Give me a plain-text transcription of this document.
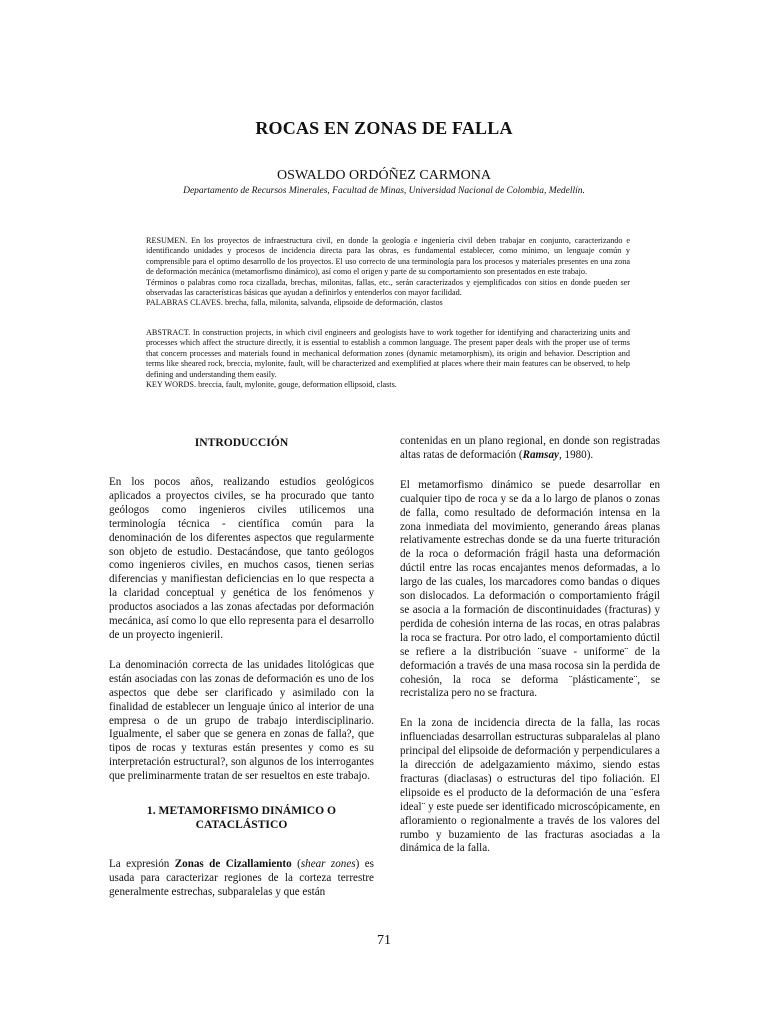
ROCAS EN ZONAS DE FALLA
OSWALDO ORDÓÑEZ CARMONA
Departamento de Recursos Minerales, Facultad de Minas, Universidad Nacional de Colombia, Medellín.

RESUMEN. En los proyectos de infraestructura civil, en donde la geología e ingeniería civil deben trabajar en conjunto, caracterizando e identificando unidades y procesos de incidencia directa para las obras, es fundamental establecer, como mínimo, un lenguaje común y comprensible para el optimo desarrollo de los proyectos. El uso correcto de una terminología para los procesos y materiales presentes en una zona de deformación mecánica (metamorfismo dinámico), así como el origen y parte de su comportamiento son presentados en este trabajo.

Términos o palabras como roca cizallada, brechas, milonitas, fallas, etc., serán caracterizados y ejemplificados con sitios en donde pueden ser observadas las características básicas que ayudan a definirlos y entenderlos con mayor facilidad.

PALABRAS CLAVES. brecha, falla, milonita, salvanda, elipsoide de deformación, clastos

ABSTRACT. In construction projects, in which civil engineers and geologists have to work together for identifying and characterizing units and processes which affect the structure directly, it is essential to establish a common language. The present paper deals with the proper use of terms that concern processes and materials found in mechanical deformation zones (dynamic metamorphism), its origin and behavior. Description and terms like sheared rock, breccia, mylonite, fault, will be characterized and exemplified at places where their main features can be observed, to help defining and understanding them easily.

KEY WORDS. breccia, fault, mylonite, gouge, deformation ellipsoid, clasts.

INTRODUCCIÓN

En los pocos años, realizando estudios geológicos aplicados a proyectos civiles, se ha procurado que tanto geólogos como ingenieros civiles utilicemos una terminología técnica - científica común para la denominación de los diferentes aspectos que regularmente son objeto de estudio. Destacándose, que tanto geólogos como ingenieros civiles, en muchos casos, tienen serias diferencias y manifiestan deficiencias en lo que respecta a la claridad conceptual y genética de los fenómenos y productos asociados a las zonas afectadas por deformación mecánica, así como lo que ello representa para el desarrollo de un proyecto ingenieril.

La denominación correcta de las unidades litológicas que están asociadas con las zonas de deformación es uno de los aspectos que debe ser clarificado y asimilado con la finalidad de establecer un lenguaje único al interior de una empresa o de un grupo de trabajo interdisciplinario. Igualmente, el saber que se genera en zonas de falla?, que tipos de rocas y texturas están presentes y como es su interpretación estructural?, son algunos de los interrogantes que preliminarmente tratan de ser resueltos en este trabajo.

1. METAMORFISMO DINÁMICO O
CATACLÁSTICO

La expresión Zonas de Cizallamiento (shear zones) es usada para caracterizar regiones de la corteza terrestre generalmente estrechas, subparalelas y que están

contenidas en un plano regional, en donde son registradas altas ratas de deformación (Ramsay, 1980).

El metamorfismo dinámico se puede desarrollar en cualquier tipo de roca y se da a lo largo de planos o zonas de falla, como resultado de deformación intensa en la zona inmediata del movimiento, generando áreas planas relativamente estrechas donde se da una fuerte trituración de la roca o deformación frágil hasta una deformación dúctil entre las rocas encajantes menos deformadas, a lo largo de las cuales, los marcadores como bandas o diques son dislocados. La deformación o comportamiento frágil se asocia a la formación de discontinuidades (fracturas) y perdida de cohesión interna de las rocas, en otras palabras la roca se fractura. Por otro lado, el comportamiento dúctil se refiere a la distribución ¨suave - uniforme¨ de la deformación a través de una masa rocosa sin la perdida de cohesión, la roca se deforma ¨plásticamente¨, se recristaliza pero no se fractura.

En la zona de incidencia directa de la falla, las rocas influenciadas desarrollan estructuras subparalelas al plano principal del elipsoide de deformación y perpendiculares a la dirección de adelgazamiento máximo, siendo estas fracturas (diaclasas) o estructuras del tipo foliación. El elipsoide es el producto de la deformación de una ¨esfera ideal¨ y este puede ser identificado microscópicamente, en afloramiento o regionalmente a través de los valores del rumbo y buzamiento de las fracturas asociadas a la dinámica de la falla.

71
